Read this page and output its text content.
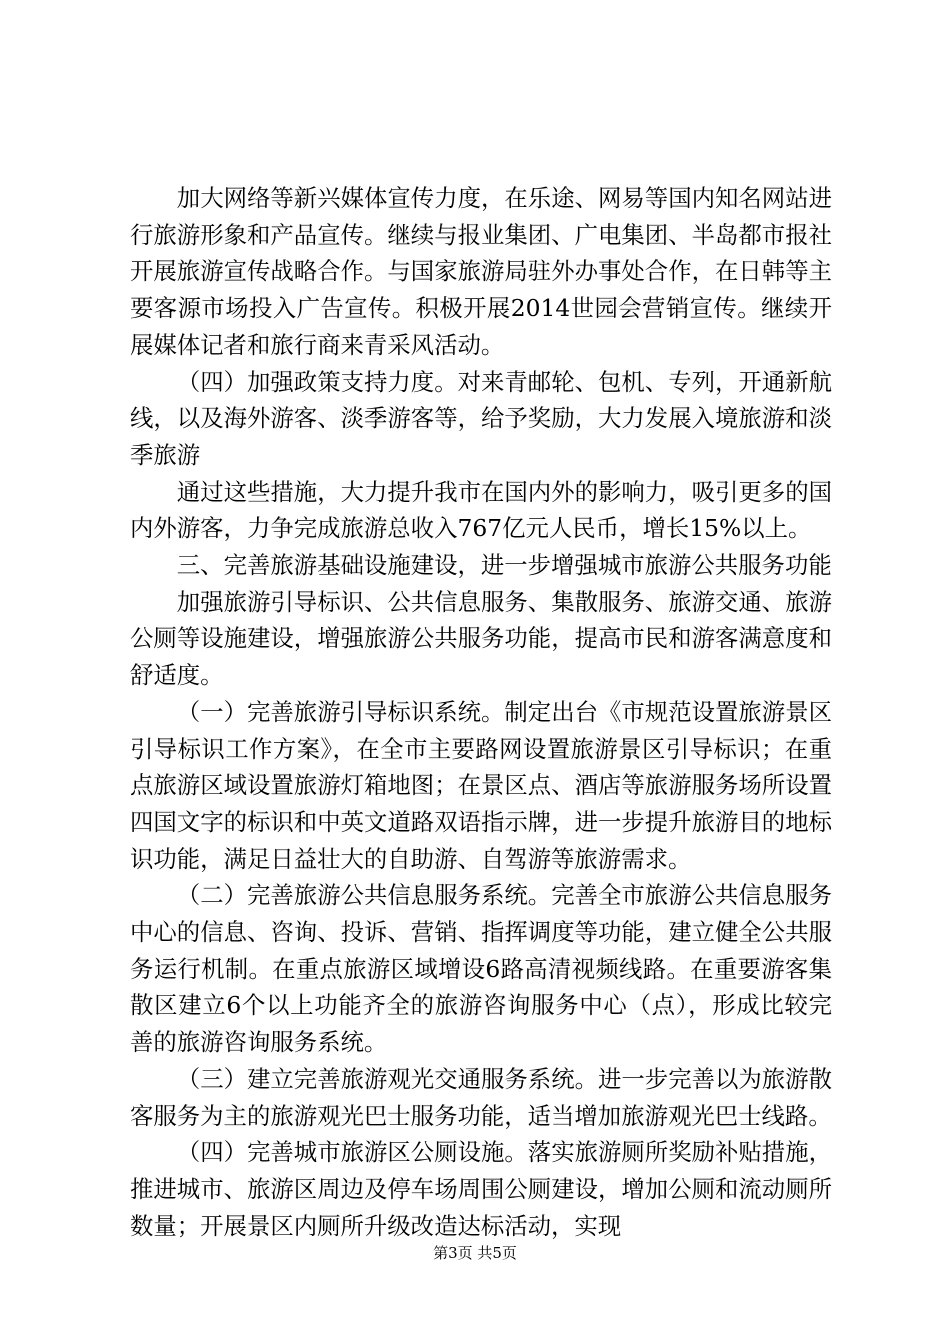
加大网络等新兴媒体宣传力度，在乐途、网易等国内知名网站进行旅游形象和产品宣传。继续与报业集团、广电集团、半岛都市报社开展旅游宣传战略合作。与国家旅游局驻外办事处合作，在日韩等主要客源市场投入广告宣传。积极开展2014世园会营销宣传。继续开展媒体记者和旅行商来青采风活动。

（四）加强政策支持力度。对来青邮轮、包机、专列，开通新航线，以及海外游客、淡季游客等，给予奖励，大力发展入境旅游和淡季旅游

通过这些措施，大力提升我市在国内外的影响力，吸引更多的国内外游客，力争完成旅游总收入767亿元人民币，增长15%以上。

三、完善旅游基础设施建设，进一步增强城市旅游公共服务功能

加强旅游引导标识、公共信息服务、集散服务、旅游交通、旅游公厕等设施建设，增强旅游公共服务功能，提高市民和游客满意度和舒适度。

（一）完善旅游引导标识系统。制定出台《市规范设置旅游景区引导标识工作方案》，在全市主要路网设置旅游景区引导标识；在重点旅游区域设置旅游灯箱地图；在景区点、酒店等旅游服务场所设置四国文字的标识和中英文道路双语指示牌，进一步提升旅游目的地标识功能，满足日益壮大的自助游、自驾游等旅游需求。

（二）完善旅游公共信息服务系统。完善全市旅游公共信息服务中心的信息、咨询、投诉、营销、指挥调度等功能，建立健全公共服务运行机制。在重点旅游区域增设6路高清视频线路。在重要游客集散区建立6个以上功能齐全的旅游咨询服务中心（点），形成比较完善的旅游咨询服务系统。

（三）建立完善旅游观光交通服务系统。进一步完善以为旅游散客服务为主的旅游观光巴士服务功能，适当增加旅游观光巴士线路。

（四）完善城市旅游区公厕设施。落实旅游厕所奖励补贴措施，推进城市、旅游区周边及停车场周围公厕建设，增加公厕和流动厕所数量；开展景区内厕所升级改造达标活动，实现

第3页 共5页
